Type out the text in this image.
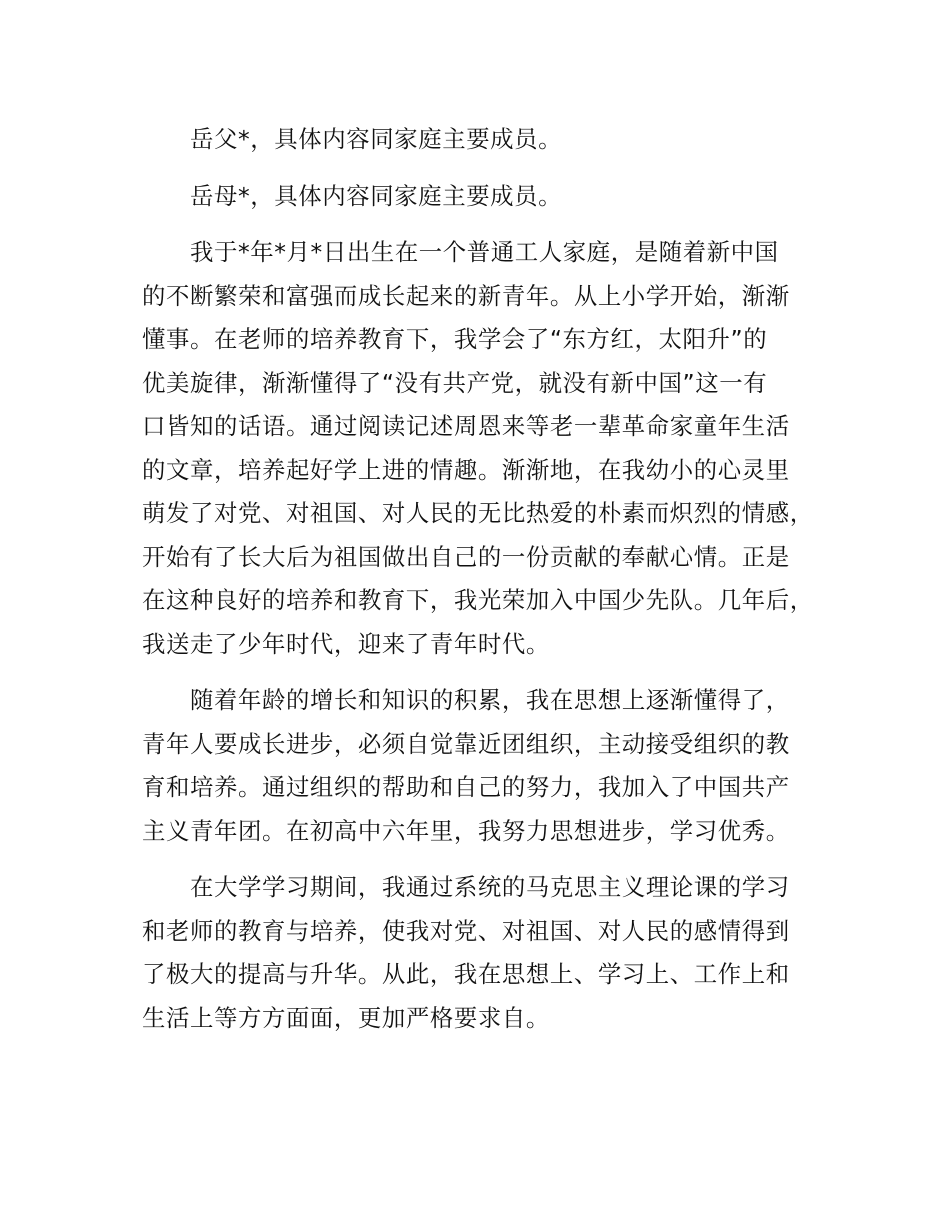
岳父*，具体内容同家庭主要成员。

岳母*，具体内容同家庭主要成员。

我于*年*月*日出生在一个普通工人家庭，是随着新中国
的不断繁荣和富强而成长起来的新青年。从上小学开始，渐渐
懂事。在老师的培养教育下，我学会了“东方红，太阳升”的
优美旋律，渐渐懂得了“没有共产党，就没有新中国”这一有
口皆知的话语。通过阅读记述周恩来等老一辈革命家童年生活
的文章，培养起好学上进的情趣。渐渐地，在我幼小的心灵里
萌发了对党、对祖国、对人民的无比热爱的朴素而炽烈的情感，
开始有了长大后为祖国做出自己的一份贡献的奉献心情。正是
在这种良好的培养和教育下，我光荣加入中国少先队。几年后，
我送走了少年时代，迎来了青年时代。

随着年龄的增长和知识的积累，我在思想上逐渐懂得了，
青年人要成长进步，必须自觉靠近团组织，主动接受组织的教
育和培养。通过组织的帮助和自己的努力，我加入了中国共产
主义青年团。在初高中六年里，我努力思想进步，学习优秀。

在大学学习期间，我通过系统的马克思主义理论课的学习
和老师的教育与培养，使我对党、对祖国、对人民的感情得到
了极大的提高与升华。从此，我在思想上、学习上、工作上和
生活上等方方面面，更加严格要求自。
